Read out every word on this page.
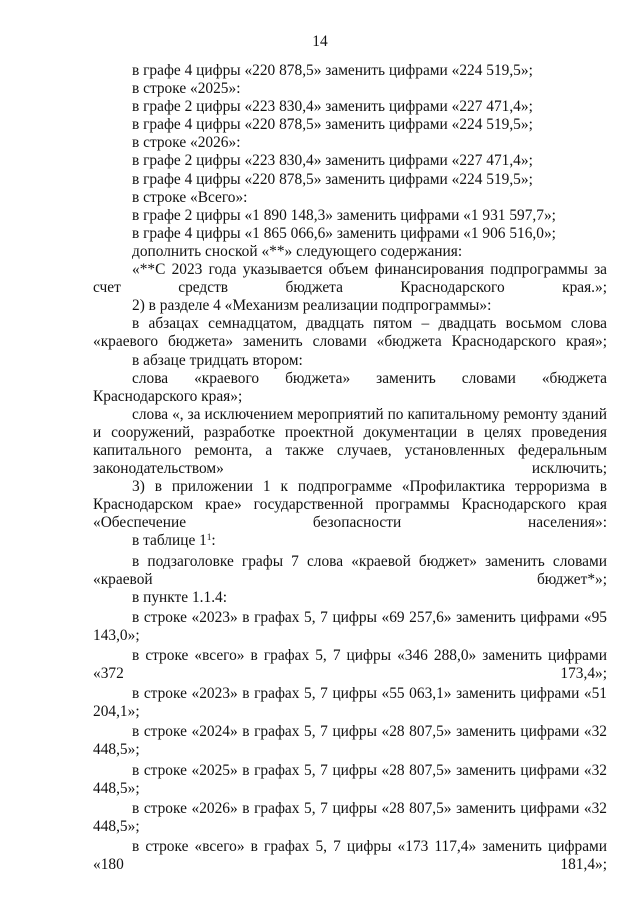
14

в графе 4 цифры «220 878,5» заменить цифрами «224 519,5»;

в строке «2025»:

в графе 2 цифры «223 830,4» заменить цифрами «227 471,4»;

в графе 4 цифры «220 878,5» заменить цифрами «224 519,5»;

в строке «2026»:

в графе 2 цифры «223 830,4» заменить цифрами «227 471,4»;

в графе 4 цифры «220 878,5» заменить цифрами «224 519,5»;

в строке «Всего»:

в графе 2 цифры «1 890 148,3» заменить цифрами «1 931 597,7»;

в графе 4 цифры «1 865 066,6» заменить цифрами «1 906 516,0»;

дополнить сноской «**» следующего содержания:

«**С 2023 года указывается объем финансирования подпрограммы за счет средств бюджета Краснодарского края.»;

2) в разделе 4 «Механизм реализации подпрограммы»:

в абзацах семнадцатом, двадцать пятом – двадцать восьмом слова «краевого бюджета» заменить словами «бюджета Краснодарского края»;

в абзаце тридцать втором:

слова «краевого бюджета» заменить словами «бюджета

Краснодарского края»;

слова «, за исключением мероприятий по капитальному ремонту зданий и сооружений, разработке проектной документации в целях проведения капитального ремонта, а также случаев, установленных федеральным законодательством» исключить;

3) в приложении 1 к подпрограмме «Профилактика терроризма в Краснодарском крае» государственной программы Краснодарского края «Обеспечение безопасности населения»:

в таблице $1^1$:

в подзаголовке графы 7 слова «краевой бюджет» заменить словами «краевой бюджет*»;

в пункте 1.1.4:

в строке «2023» в графах 5, 7 цифры «69 257,6» заменить цифрами «95 143,0»;

в строке «всего» в графах 5, 7 цифры «346 288,0» заменить цифрами «372 173,4»;

в строке «2023» в графах 5, 7 цифры «55 063,1» заменить цифрами «51 204,1»;

в строке «2024» в графах 5, 7 цифры «28 807,5» заменить цифрами «32 448,5»;

в строке «2025» в графах 5, 7 цифры «28 807,5» заменить цифрами «32 448,5»;

в строке «2026» в графах 5, 7 цифры «28 807,5» заменить цифрами «32 448,5»;

в строке «всего» в графах 5, 7 цифры «173 117,4» заменить цифрами «180 181,4»;
